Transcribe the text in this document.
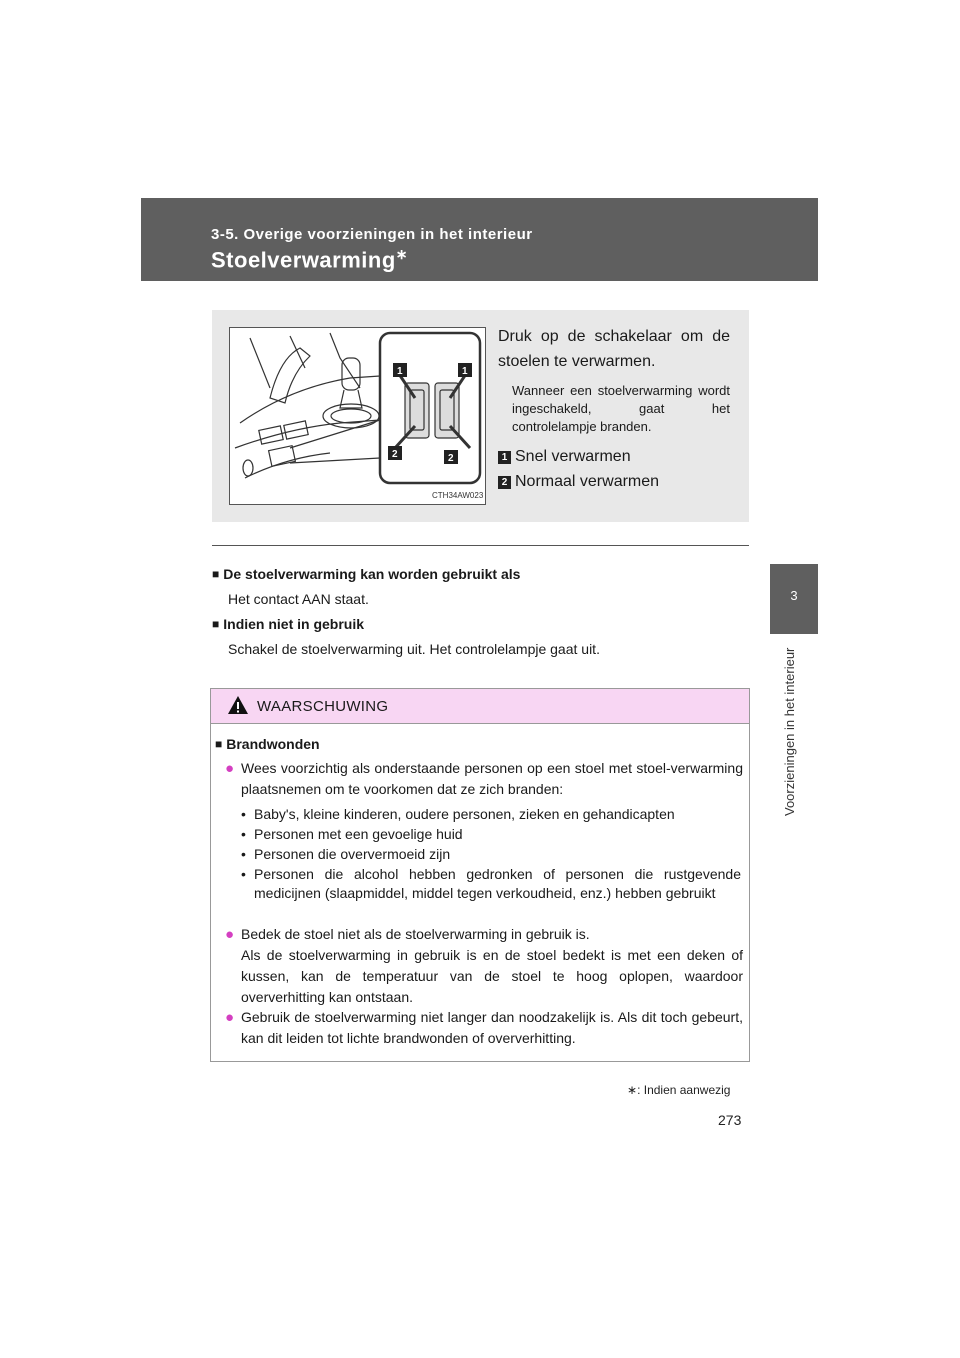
3-5. Overige voorzieningen in het interieur
Stoelverwarming∗
3
Voorzieningen in het interieur
1	1
2	2
CTH34AW023
Druk op de schakelaar om de stoelen te verwarmen.
Wanneer een stoelverwarming wordt ingeschakeld, gaat het controlelampje branden.
1 Snel verwarmen
2 Normaal verwarmen
■ De stoelverwarming kan worden gebruikt als
Het contact AAN staat.
■ Indien niet in gebruik
Schakel de stoelverwarming uit. Het controlelampje gaat uit.
WAARSCHUWING
■ Brandwonden
● Wees voorzichtig als onderstaande personen op een stoel met stoel-verwarming plaatsnemen om te voorkomen dat ze zich branden:
• Baby's, kleine kinderen, oudere personen, zieken en gehandicapten
• Personen met een gevoelige huid
• Personen die oververmoeid zijn
• Personen die alcohol hebben gedronken of personen die rustgevende medicijnen (slaapmiddel, middel tegen verkoudheid, enz.) hebben gebruikt
● Bedek de stoel niet als de stoelverwarming in gebruik is.
Als de stoelverwarming in gebruik is en de stoel bedekt is met een deken of kussen, kan de temperatuur van de stoel te hoog oplopen, waardoor oververhitting kan ontstaan.
● Gebruik de stoelverwarming niet langer dan noodzakelijk is. Als dit toch gebeurt, kan dit leiden tot lichte brandwonden of oververhitting.
∗: Indien aanwezig
273
